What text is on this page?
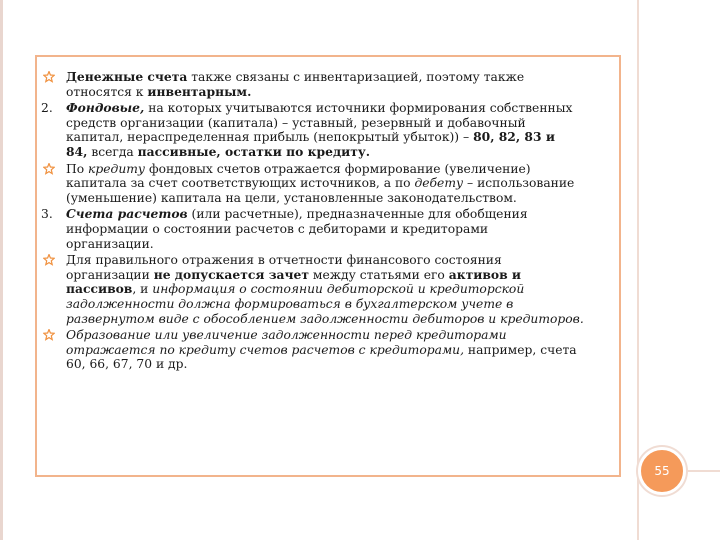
Денежные счета также связаны с инвентаризацией, поэтому также
относятся к инвентарным.
2. Фондовые, на которых учитываются источники формирования собственных
средств организации (капитала) – уставный, резервный и добавочный
капитал, нераспределенная прибыль (непокрытый убыток)) – 80, 82, 83 и
84, всегда пассивные, остатки по кредиту.
По кредиту фондовых счетов отражается формирование (увеличение)
капитала за счет соответствующих источников, а по дебету – использование
(уменьшение) капитала на цели, установленные законодательством.
3. Счета расчетов (или расчетные), предназначенные для обобщения
информации о состоянии расчетов с дебиторами и кредиторами
организации.
Для правильного отражения в отчетности финансового состояния
организации не допускается зачет между статьями его активов и
пассивов, и информация о состоянии дебиторской и кредиторской
задолженности должна формироваться в бухгалтерском учете в
развернутом виде с обособлением задолженности дебиторов и кредиторов.
Образование или увеличение задолженности перед кредиторами
отражается по кредиту счетов расчетов с кредиторами, например, счета
60, 66, 67, 70 и др.
55
